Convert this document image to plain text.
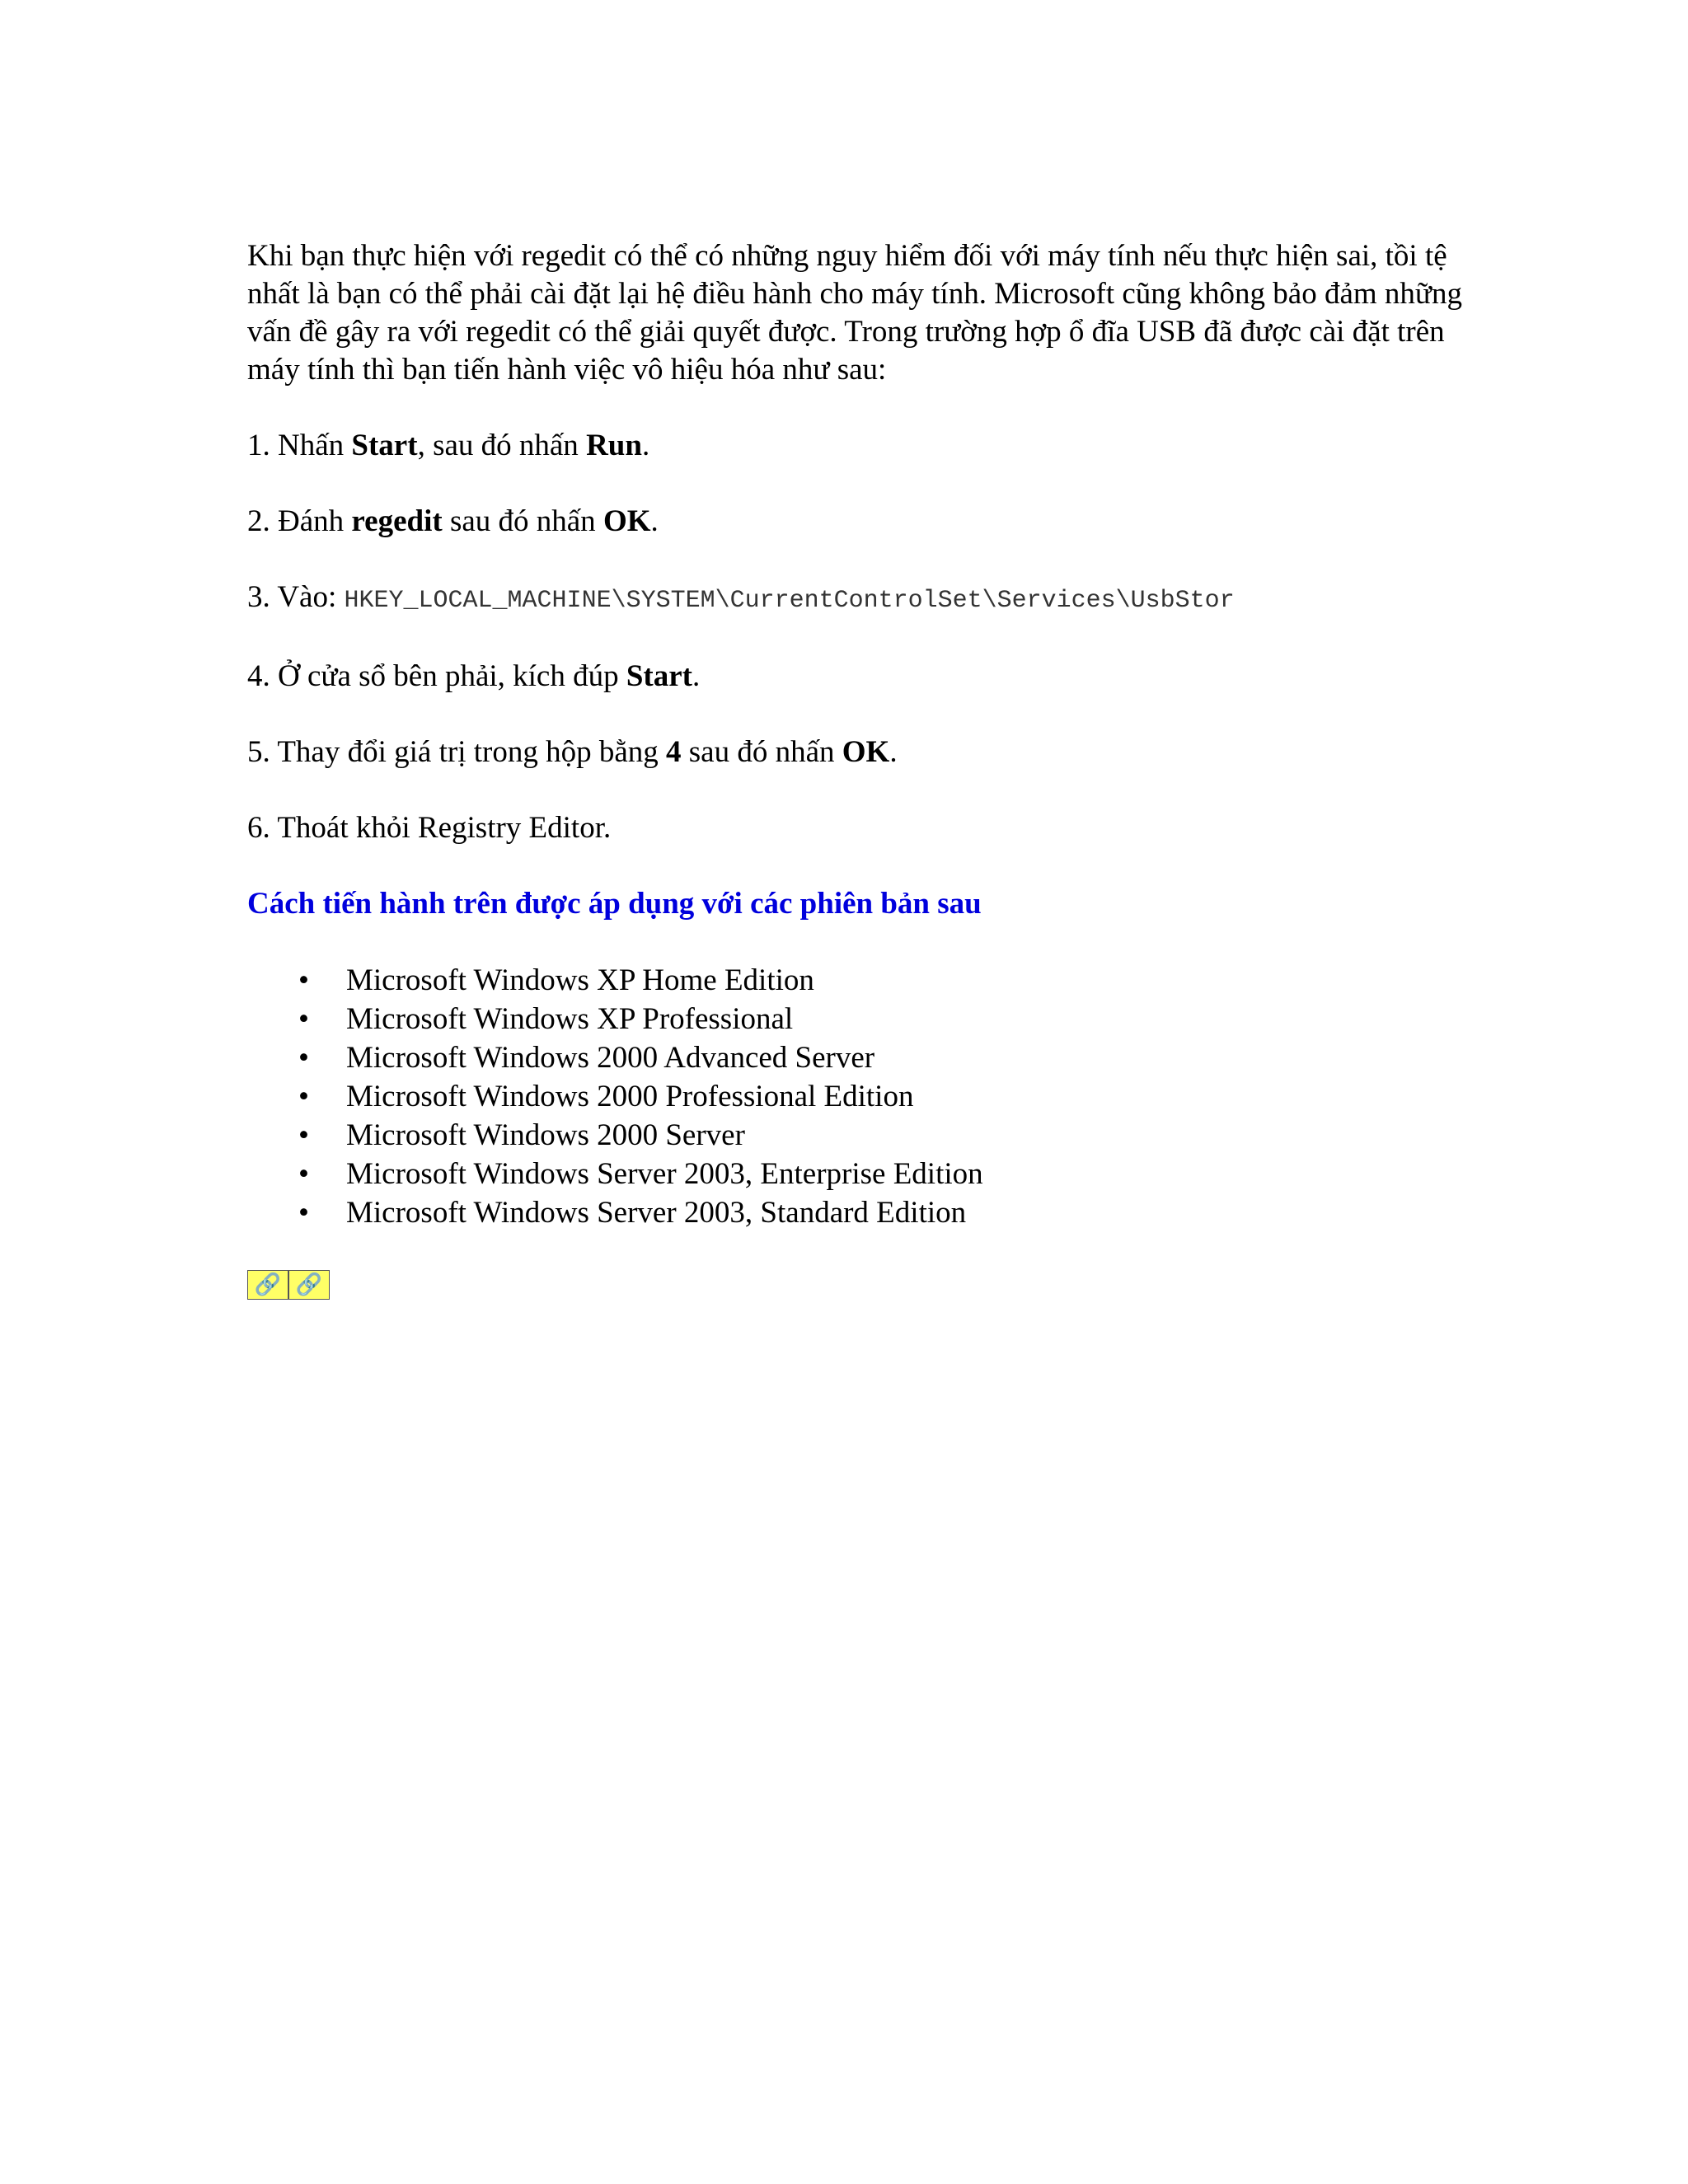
Khi bạn thực hiện với regedit có thể có những nguy hiểm đối với máy tính nếu thực hiện sai, tồi tệ nhất là bạn có thể phải cài đặt lại hệ điều hành cho máy tính. Microsoft cũng không bảo đảm những vấn đề gây ra với regedit có thể giải quyết được. Trong trường hợp ổ đĩa USB đã được cài đặt trên máy tính thì bạn tiến hành việc vô hiệu hóa như sau:

1. Nhấn Start, sau đó nhấn Run.

2. Đánh regedit sau đó nhấn OK.

3. Vào: HKEY_LOCAL_MACHINE\SYSTEM\CurrentControlSet\Services\UsbStor

4. Ở cửa sổ bên phải, kích đúp Start.

5. Thay đổi giá trị trong hộp bằng 4 sau đó nhấn OK.

6. Thoát khỏi Registry Editor.

Cách tiến hành trên được áp dụng với các phiên bản sau

• Microsoft Windows XP Home Edition
• Microsoft Windows XP Professional
• Microsoft Windows 2000 Advanced Server
• Microsoft Windows 2000 Professional Edition
• Microsoft Windows 2000 Server
• Microsoft Windows Server 2003, Enterprise Edition
• Microsoft Windows Server 2003, Standard Edition
🔗 🔗
